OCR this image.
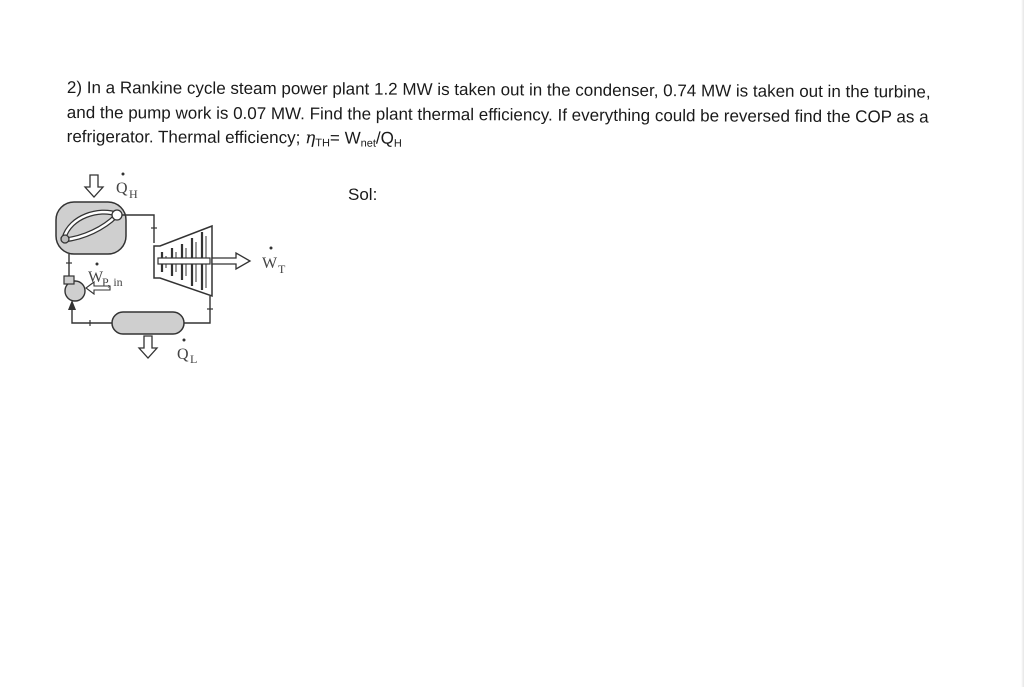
2) In a Rankine cycle steam power plant 1.2 MW is taken out in the condenser, 0.74 MW is taken out in the turbine,
and the pump work is 0.07 MW. Find the plant thermal efficiency. If everything could be reversed find the COP as a
refrigerator. Thermal efficiency; $\eta_{TH}= W_{net}/Q_H$
Sol:
Q H
W T
Q L
W
P, in
